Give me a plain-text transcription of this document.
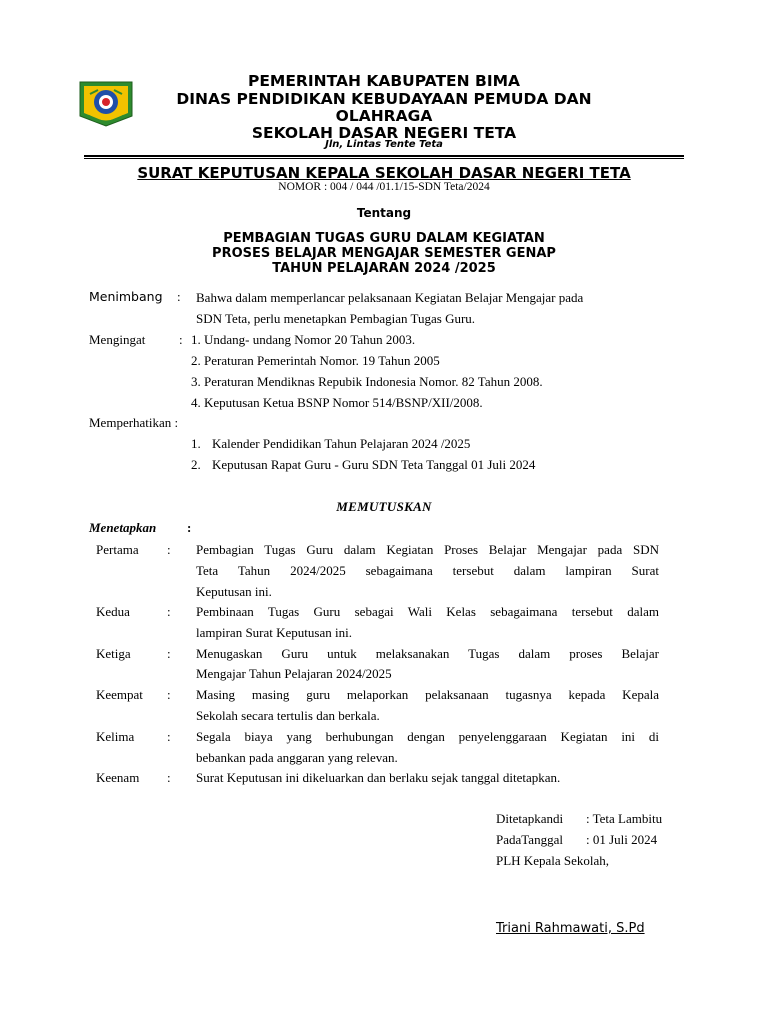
PEMERINTAH KABUPATEN BIMA
DINAS PENDIDIKAN KEBUDAYAAN PEMUDA DAN
OLAHRAGA
SEKOLAH DASAR NEGERI TETA
Jln, Lintas Tente Teta
SURAT KEPUTUSAN KEPALA SEKOLAH DASAR NEGERI TETA
NOMOR : 004 / 044 /01.1/15-SDN Teta/2024
Tentang
PEMBAGIAN TUGAS GURU DALAM KEGIATAN
PROSES BELAJAR MENGAJAR SEMESTER GENAP
TAHUN PELAJARAN 2024 /2025
Menimbang : Bahwa dalam memperlancar pelaksanaan Kegiatan Belajar Mengajar pada
SDN Teta, perlu menetapkan Pembagian Tugas Guru.
Mengingat	: 1. Undang- undang Nomor 20 Tahun 2003.
2. Peraturan Pemerintah Nomor. 19 Tahun 2005
3. Peraturan Mendiknas Repubik Indonesia Nomor. 82 Tahun 2008.
4. Keputusan Ketua BSNP Nomor 514/BSNP/XII/2008.
Memperhatikan :
1. Kalender Pendidikan Tahun Pelajaran 2024 /2025
2. Keputusan Rapat Guru - Guru SDN Teta Tanggal 01 Juli 2024
MEMUTUSKAN
Menetapkan :
Pertama : Pembagian Tugas Guru dalam Kegiatan Proses Belajar Mengajar pada SDN
Teta Tahun 2024/2025 sebagaimana tersebut dalam lampiran Surat
Keputusan ini.
Kedua	: Pembinaan Tugas Guru sebagai Wali Kelas sebagaimana tersebut dalam
lampiran Surat Keputusan ini.
Ketiga	: Menugaskan Guru untuk melaksanakan Tugas dalam proses Belajar
Mengajar Tahun Pelajaran 2024/2025
Keempat : Masing masing guru melaporkan pelaksanaan tugasnya kepada Kepala
Sekolah secara tertulis dan berkala.
Kelima	: Segala biaya yang berhubungan dengan penyelenggaraan Kegiatan ini di
bebankan pada anggaran yang relevan.
Keenam : Surat Keputusan ini dikeluarkan dan berlaku sejak tanggal ditetapkan.
Ditetapkandi : Teta Lambitu
PadaTanggal : 01 Juli 2024
PLH Kepala Sekolah,
Triani Rahmawati, S.Pd
